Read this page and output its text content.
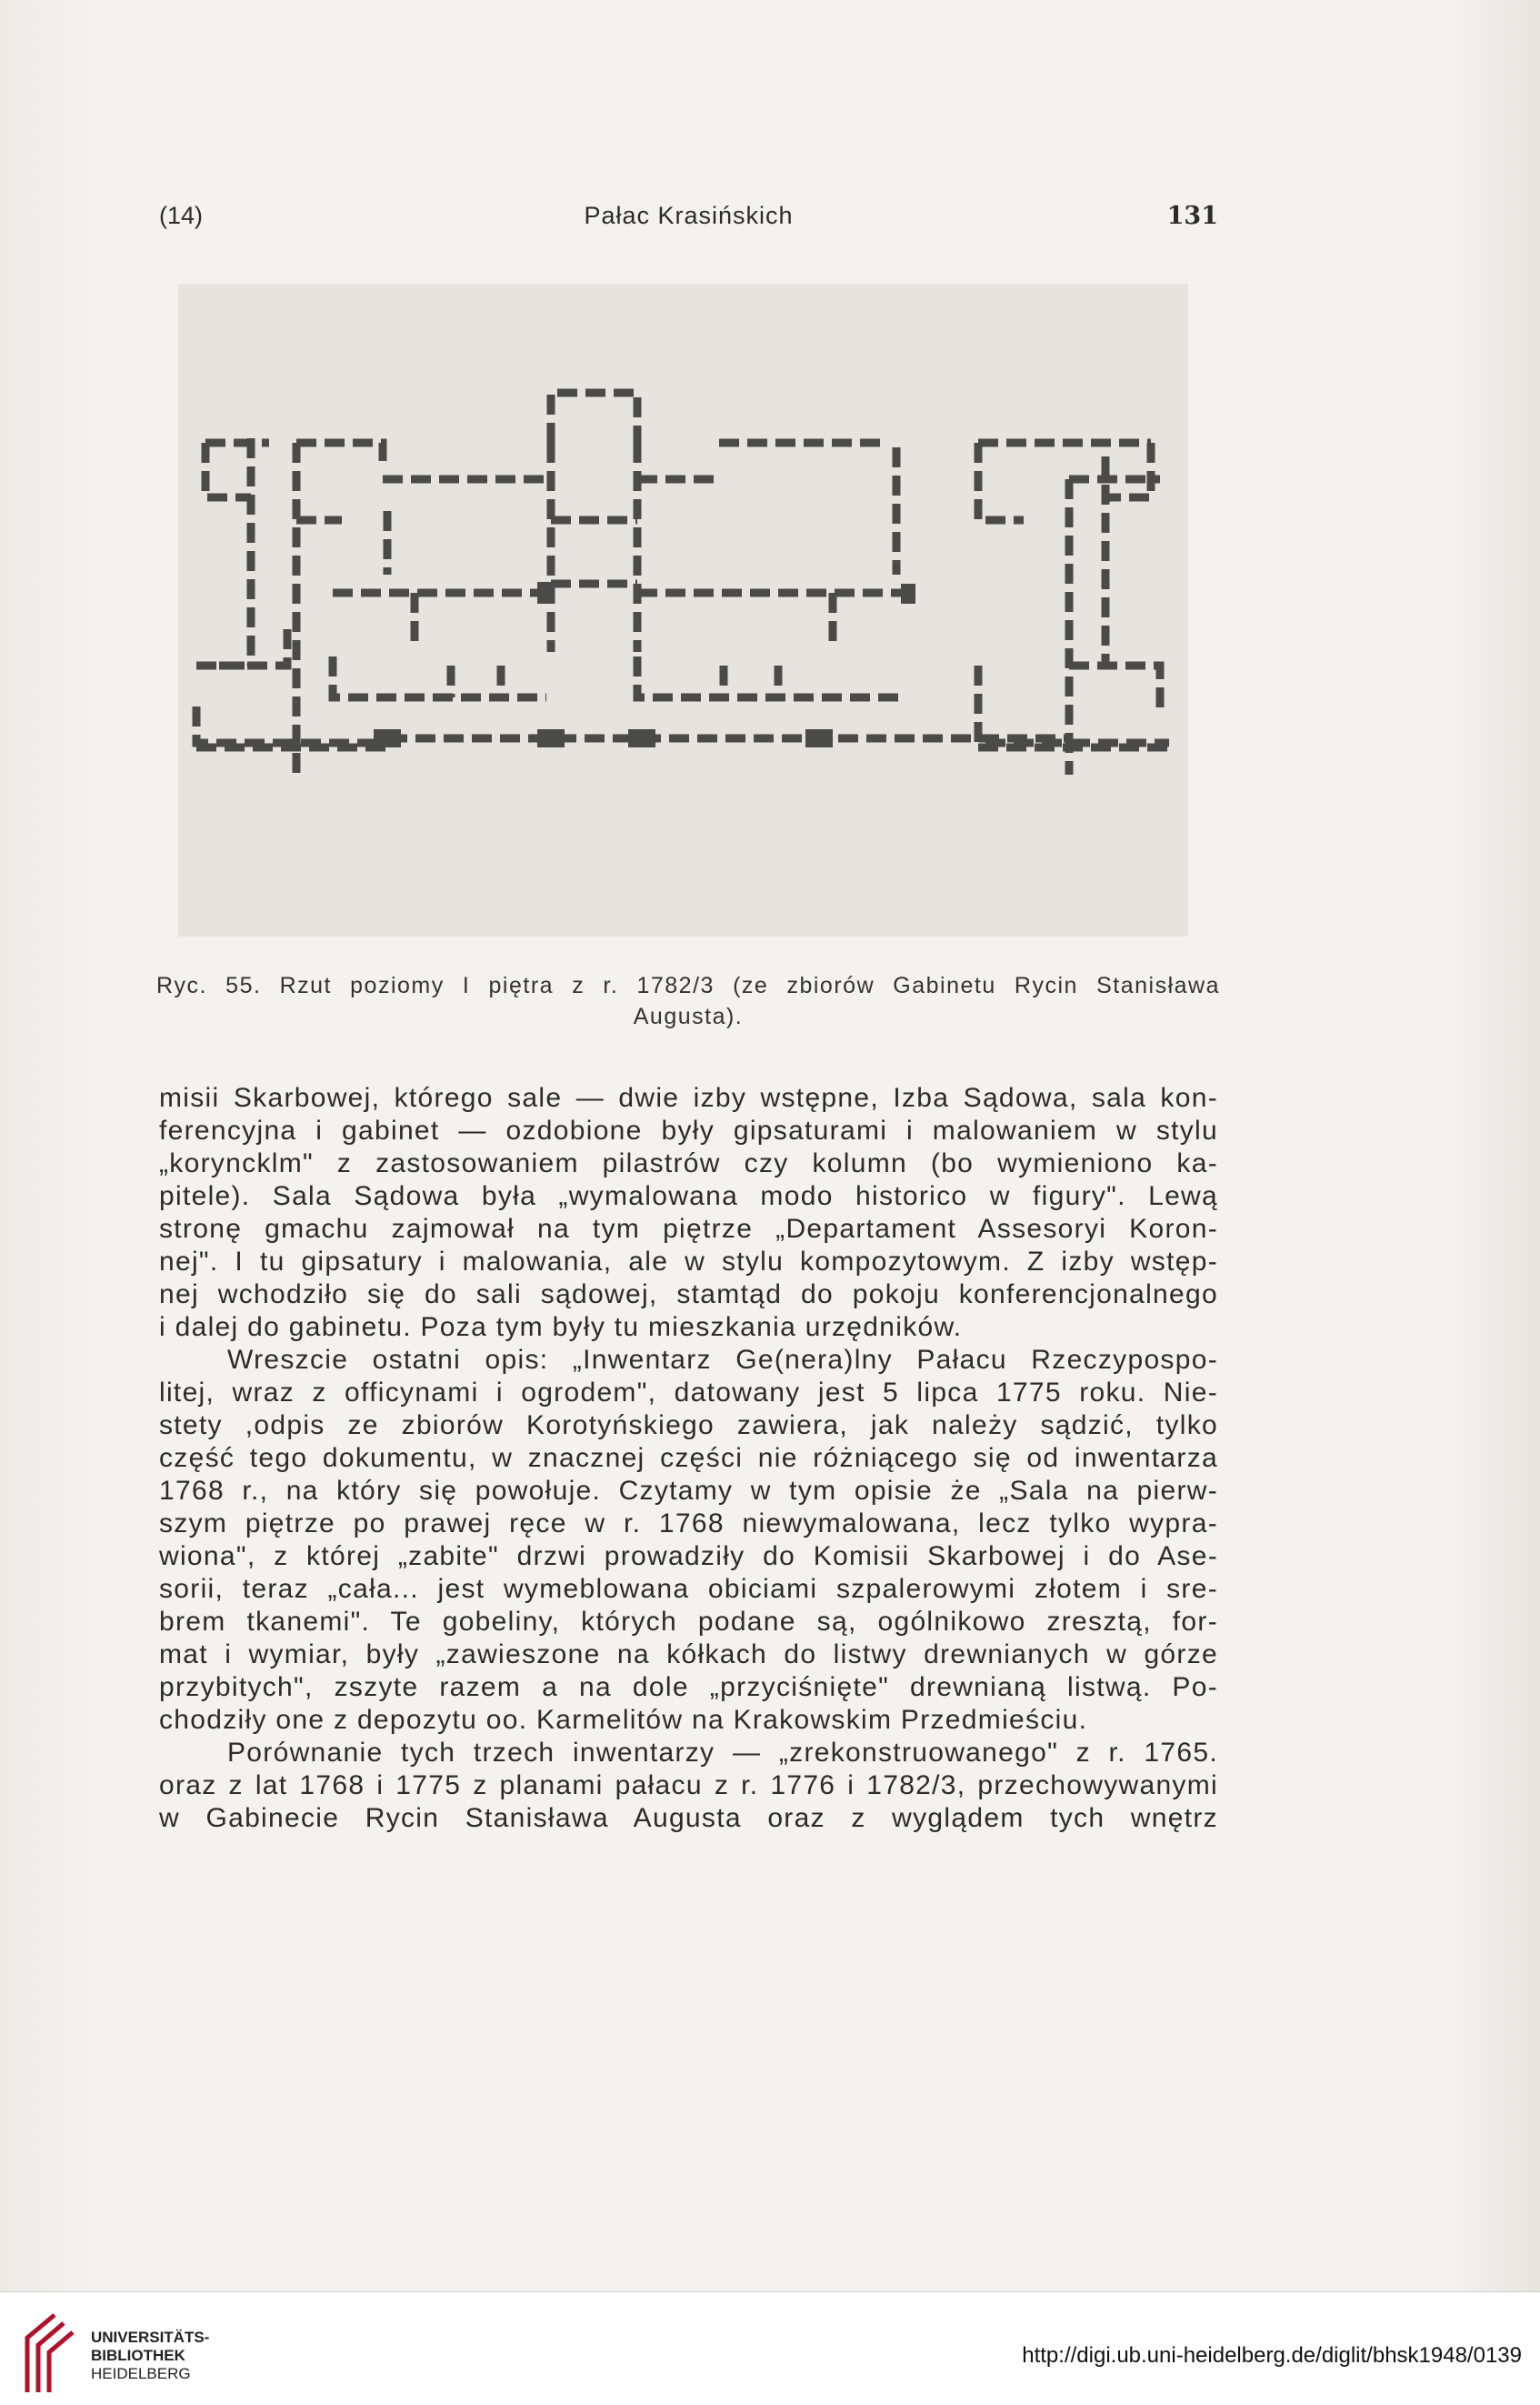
(14)	Pałac Krasińskich	131
Ryc. 55. Rzut poziomy I piętra z r. 1782/3 (ze zbiorów Gabinetu Rycin Stanisława
Augusta).
misii Skarbowej, którego sale — dwie izby wstępne, Izba Sądowa, sala kon-
ferencyjna i gabinet — ozdobione były gipsaturami i malowaniem w stylu
„koryncklm" z zastosowaniem pilastrów czy kolumn (bo wymieniono ka-
pitele). Sala Sądowa była „wymalowana modo historico w figury". Lewą
stronę gmachu zajmował na tym piętrze „Departament Assesoryi Koron-
nej". I tu gipsatury i malowania, ale w stylu kompozytowym. Z izby wstęp-
nej wchodziło się do sali sądowej, stamtąd do pokoju konferencjonalnego
i dalej do gabinetu. Poza tym były tu mieszkania urzędników.
Wreszcie ostatni opis: „Inwentarz Ge(nera)lny Pałacu Rzeczypospo-
litej, wraz z officynami i ogrodem", datowany jest 5 lipca 1775 roku. Nie-
stety ,odpis ze zbiorów Korotyńskiego zawiera, jak należy sądzić, tylko
część tego dokumentu, w znacznej części nie różniącego się od inwentarza
1768 r., na który się powołuje. Czytamy w tym opisie że „Sala na pierw-
szym piętrze po prawej ręce w r. 1768 niewymalowana, lecz tylko wypra-
wiona", z której „zabite" drzwi prowadziły do Komisii Skarbowej i do Ase-
sorii, teraz „cała... jest wymeblowana obiciami szpalerowymi złotem i sre-
brem tkanemi". Te gobeliny, których podane są, ogólnikowo zresztą, for-
mat i wymiar, były „zawieszone na kółkach do listwy drewnianych w górze
przybitych", zszyte razem a na dole „przyciśnięte" drewnianą listwą. Po-
chodziły one z depozytu oo. Karmelitów na Krakowskim Przedmieściu.
Porównanie tych trzech inwentarzy — „zrekonstruowanego" z r. 1765.
oraz z lat 1768 i 1775 z planami pałacu z r. 1776 i 1782/3, przechowywanymi
w Gabinecie Rycin Stanisława Augusta oraz z wyglądem tych wnętrz
UNIVERSITÄTS-
BIBLIOTHEK
HEIDELBERG
http://digi.ub.uni-heidelberg.de/diglit/bhsk1948/0139
